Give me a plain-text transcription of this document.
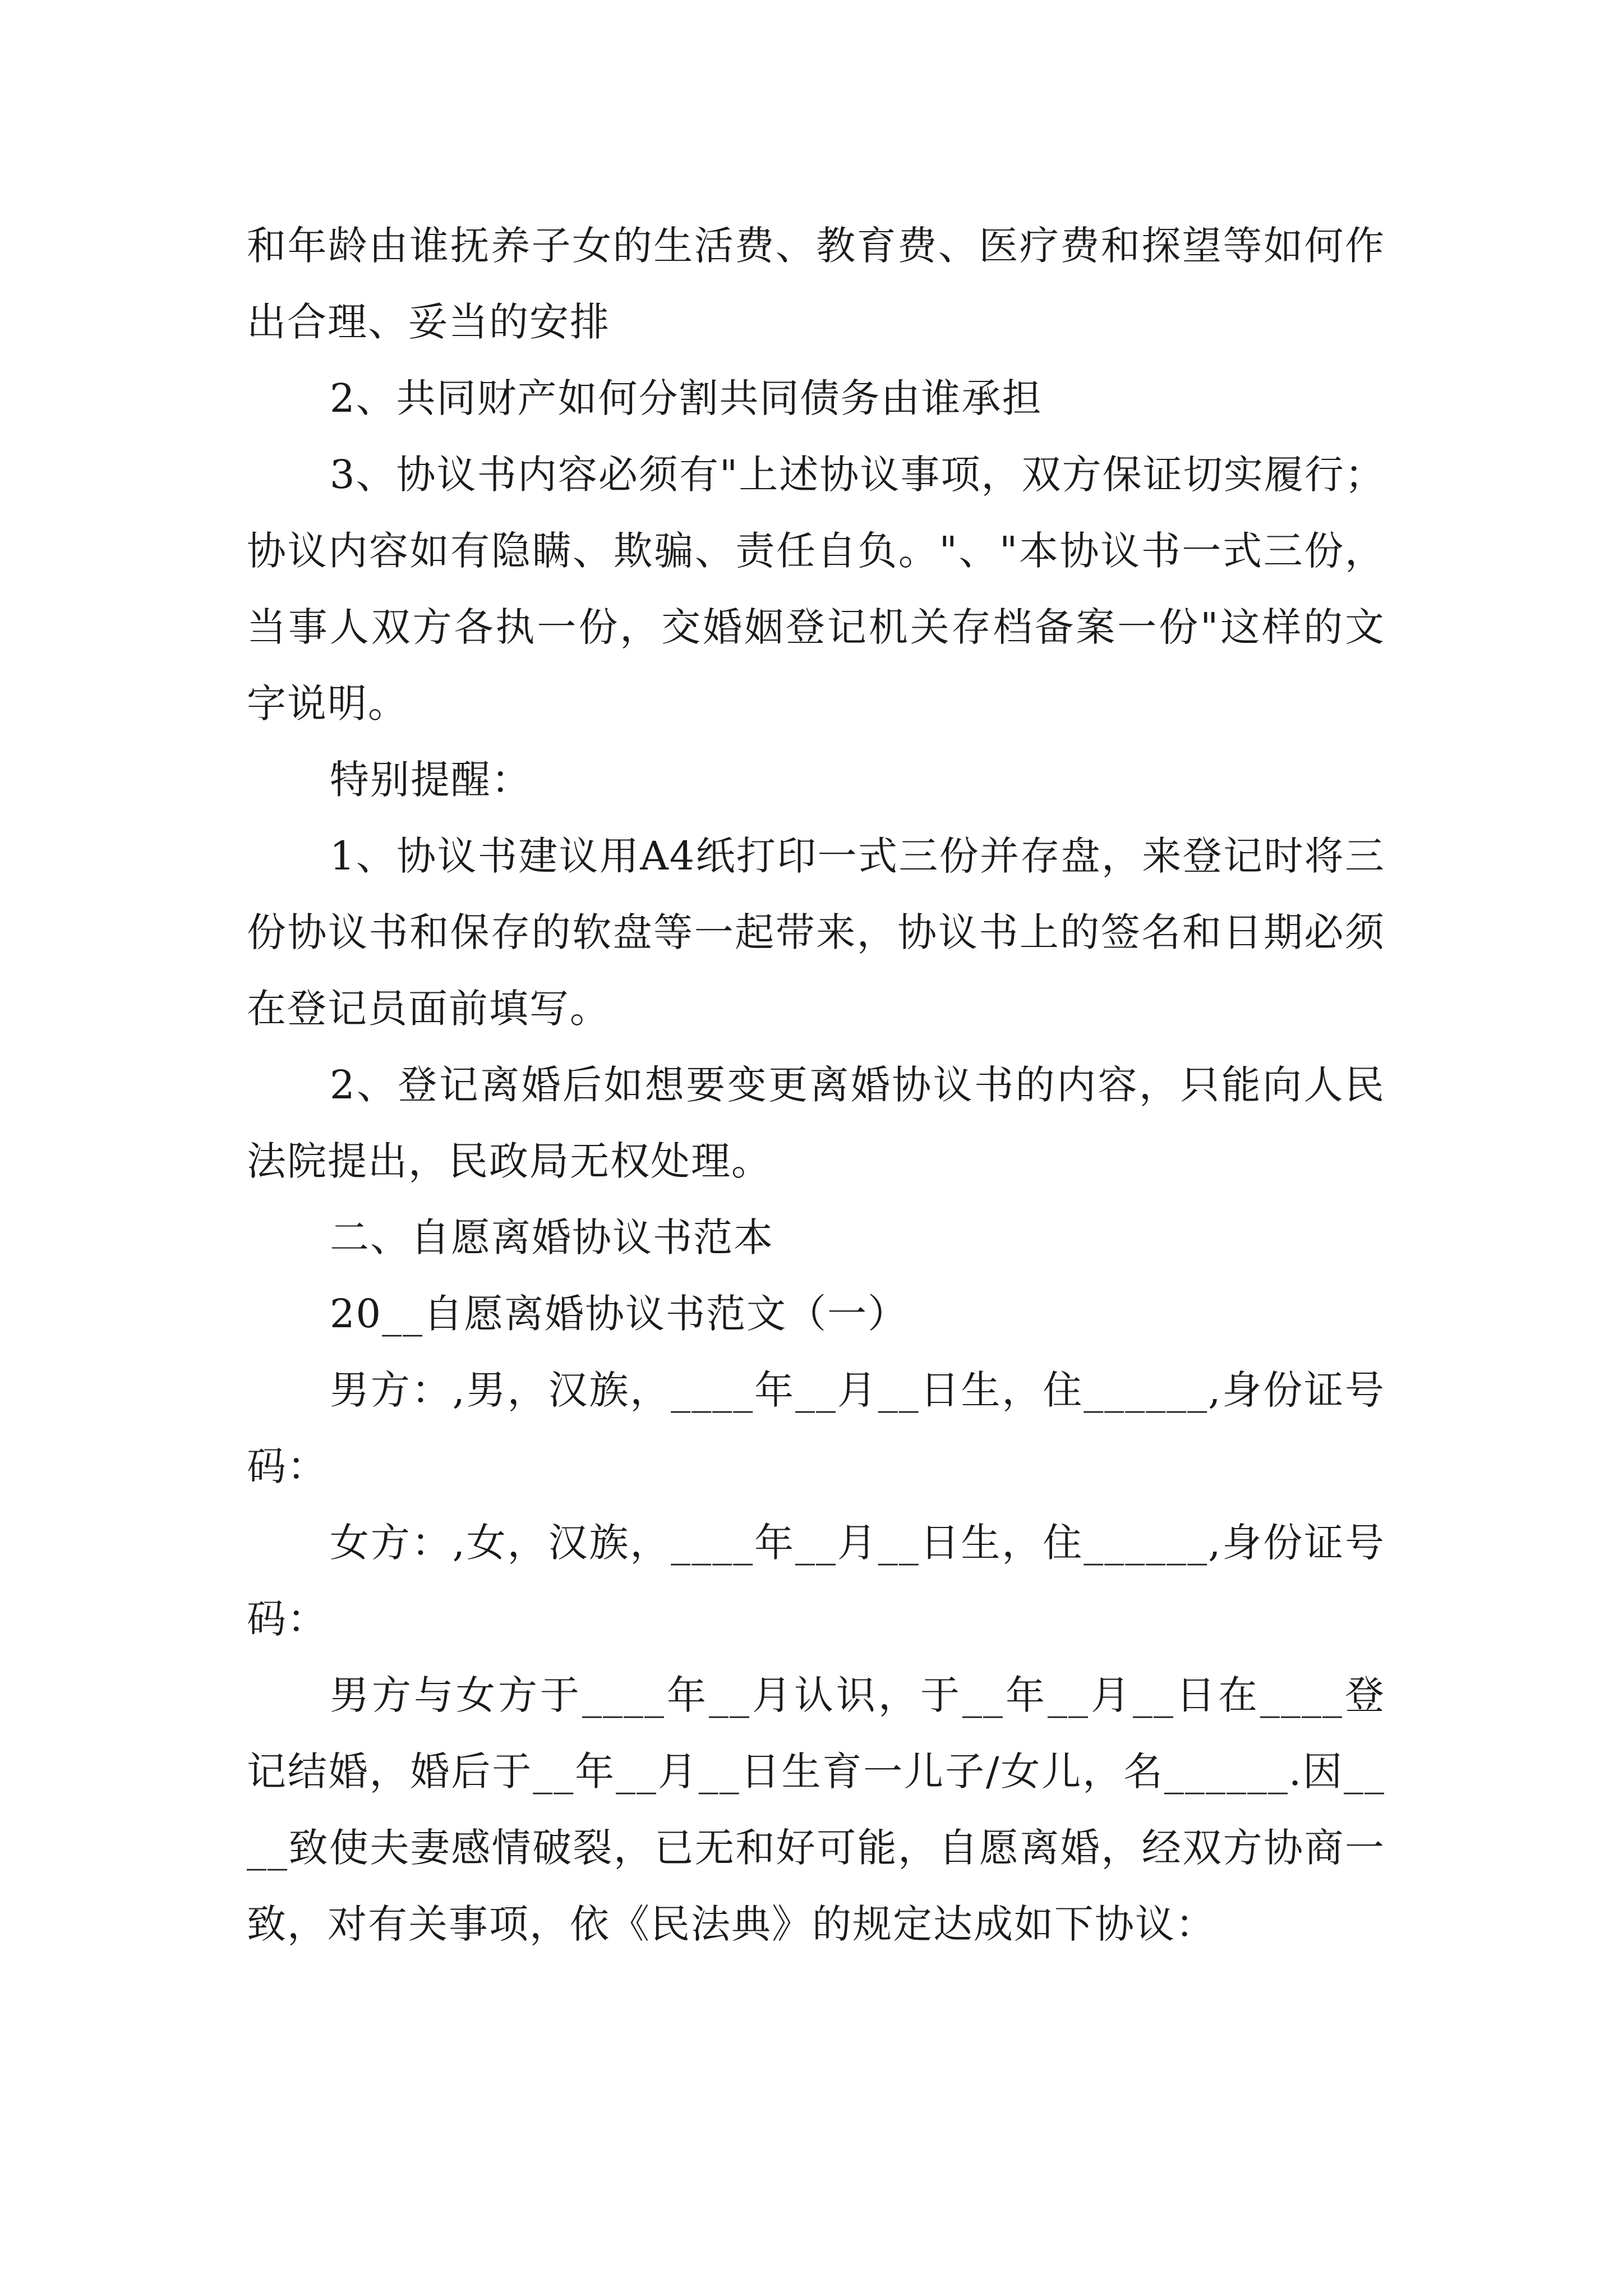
和年龄由谁抚养子女的生活费、教育费、医疗费和探望等如何作出合理、妥当的安排

2、共同财产如何分割共同债务由谁承担

3、协议书内容必须有"上述协议事项，双方保证切实履行；协议内容如有隐瞒、欺骗、责任自负。"、"本协议书一式三份，当事人双方各执一份，交婚姻登记机关存档备案一份"这样的文字说明。

特别提醒：

1、协议书建议用A4纸打印一式三份并存盘，来登记时将三份协议书和保存的软盘等一起带来，协议书上的签名和日期必须在登记员面前填写。

2、登记离婚后如想要变更离婚协议书的内容，只能向人民法院提出，民政局无权处理。

二、自愿离婚协议书范本

20__自愿离婚协议书范文（一）

男方：,男，汉族，____年__月__日生，住______,身份证号码：

女方：,女，汉族，____年__月__日生，住______,身份证号码：

男方与女方于____年__月认识，于__年__月__日在____登记结婚，婚后于__年__月__日生育一儿子/女儿，名______.因____致使夫妻感情破裂，已无和好可能，自愿离婚，经双方协商一致，对有关事项，依《民法典》的规定达成如下协议：
